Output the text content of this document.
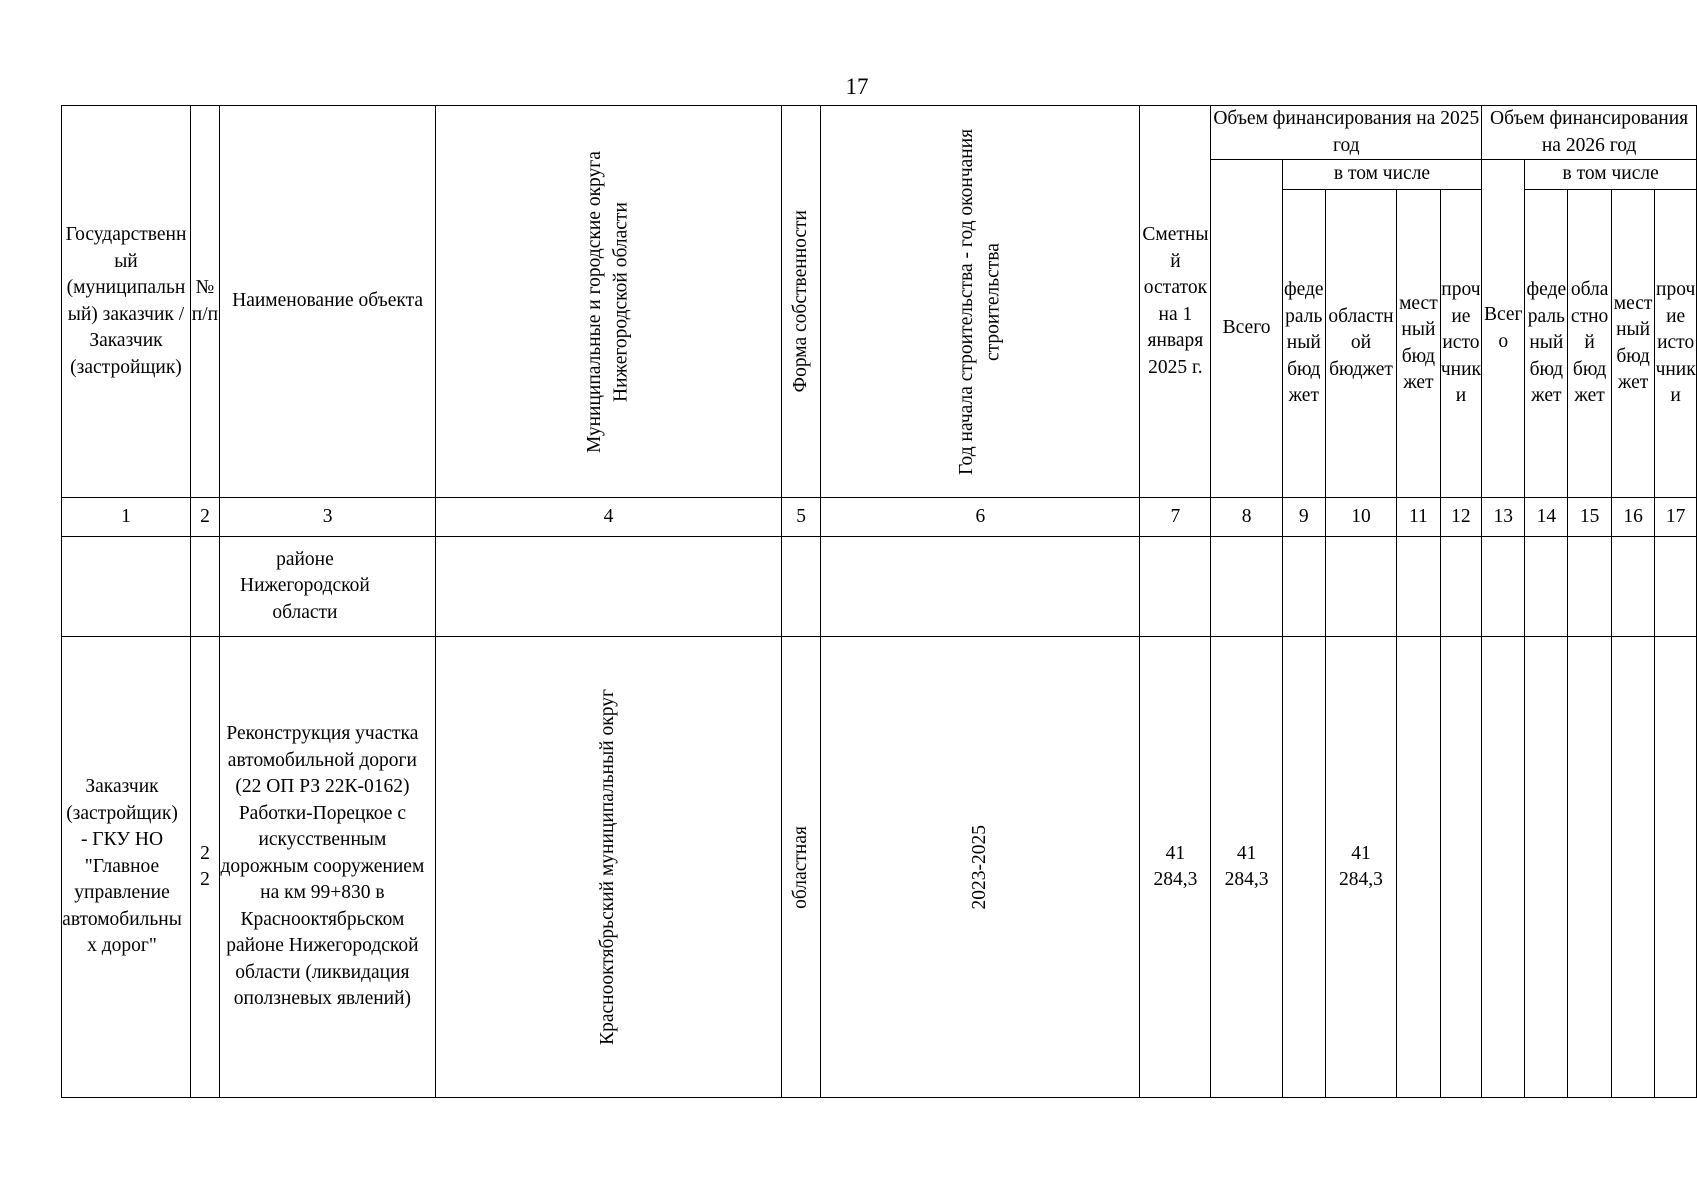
17
Государственный (муниципальный) заказчик / Заказчик (застройщик)	№ п/п	Наименование объекта	Муниципальные и городские округа Нижегородской области	Форма собственности	Год начала строительства - год окончания строительства	Сметный остаток на 1 января 2025 г.	Объем финансирования на 2025 год					Объем финансирования на 2026 год				
							Всего	в том числе				Всего	в том числе			
								федеральный бюджет	областной бюджет	местный бюджет	прочие источники		федеральный бюджет	областной бюджет	местный бюджет	прочие источники
1	2	3	4	5	6	7	8	9	10	11	12	13	14	15	16	17

		районе Нижегородской области														

Заказчик (застройщик) - ГКУ НО "Главное управление автомобильных дорог"	22	Реконструкция участка автомобильной дороги (22 ОП РЗ 22К-0162) Работки-Порецкое с искусственным дорожным сооружением на км 99+830 в Краснооктябрьском районе Нижегородской области (ликвидация оползневых явлений)	Краснооктябрьский муниципальный округ	областная	2023-2025	41 284,3	41 284,3		41 284,3							
